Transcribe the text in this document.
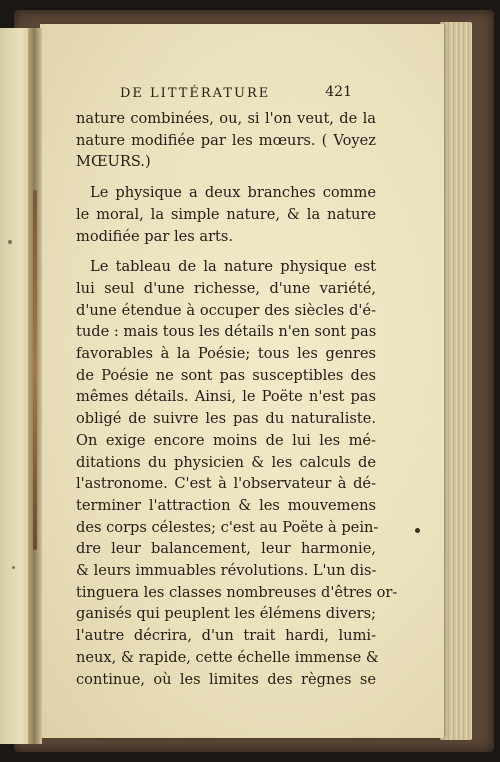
DE LITTÉRATURE	421
nature combinées, ou, si l'on veut, de la
nature modifiée par les mœurs. ( Voyez
MŒURS.)
Le physique a deux branches comme
le moral, la simple nature, & la nature
modifiée par les arts.
Le tableau de la nature physique est
lui seul d'une richesse, d'une variété,
d'une étendue à occuper des siècles d'é-
tude : mais tous les détails n'en sont pas
favorables à la Poésie; tous les genres
de Poésie ne sont pas susceptibles des
mêmes détails. Ainsi, le Poëte n'est pas
obligé de suivre les pas du naturaliste.
On exige encore moins de lui les mé-
ditations du physicien & les calculs de
l'astronome. C'est à l'observateur à dé-
terminer l'attraction & les mouvemens
des corps célestes; c'est au Poëte à pein-
dre leur balancement, leur harmonie,
& leurs immuables révolutions. L'un dis-
tinguera les classes nombreuses d'êtres or-
ganisés qui peuplent les élémens divers;
l'autre décrira, d'un trait hardi, lumi-
neux, & rapide, cette échelle immense &
continue, où les limites des règnes se
